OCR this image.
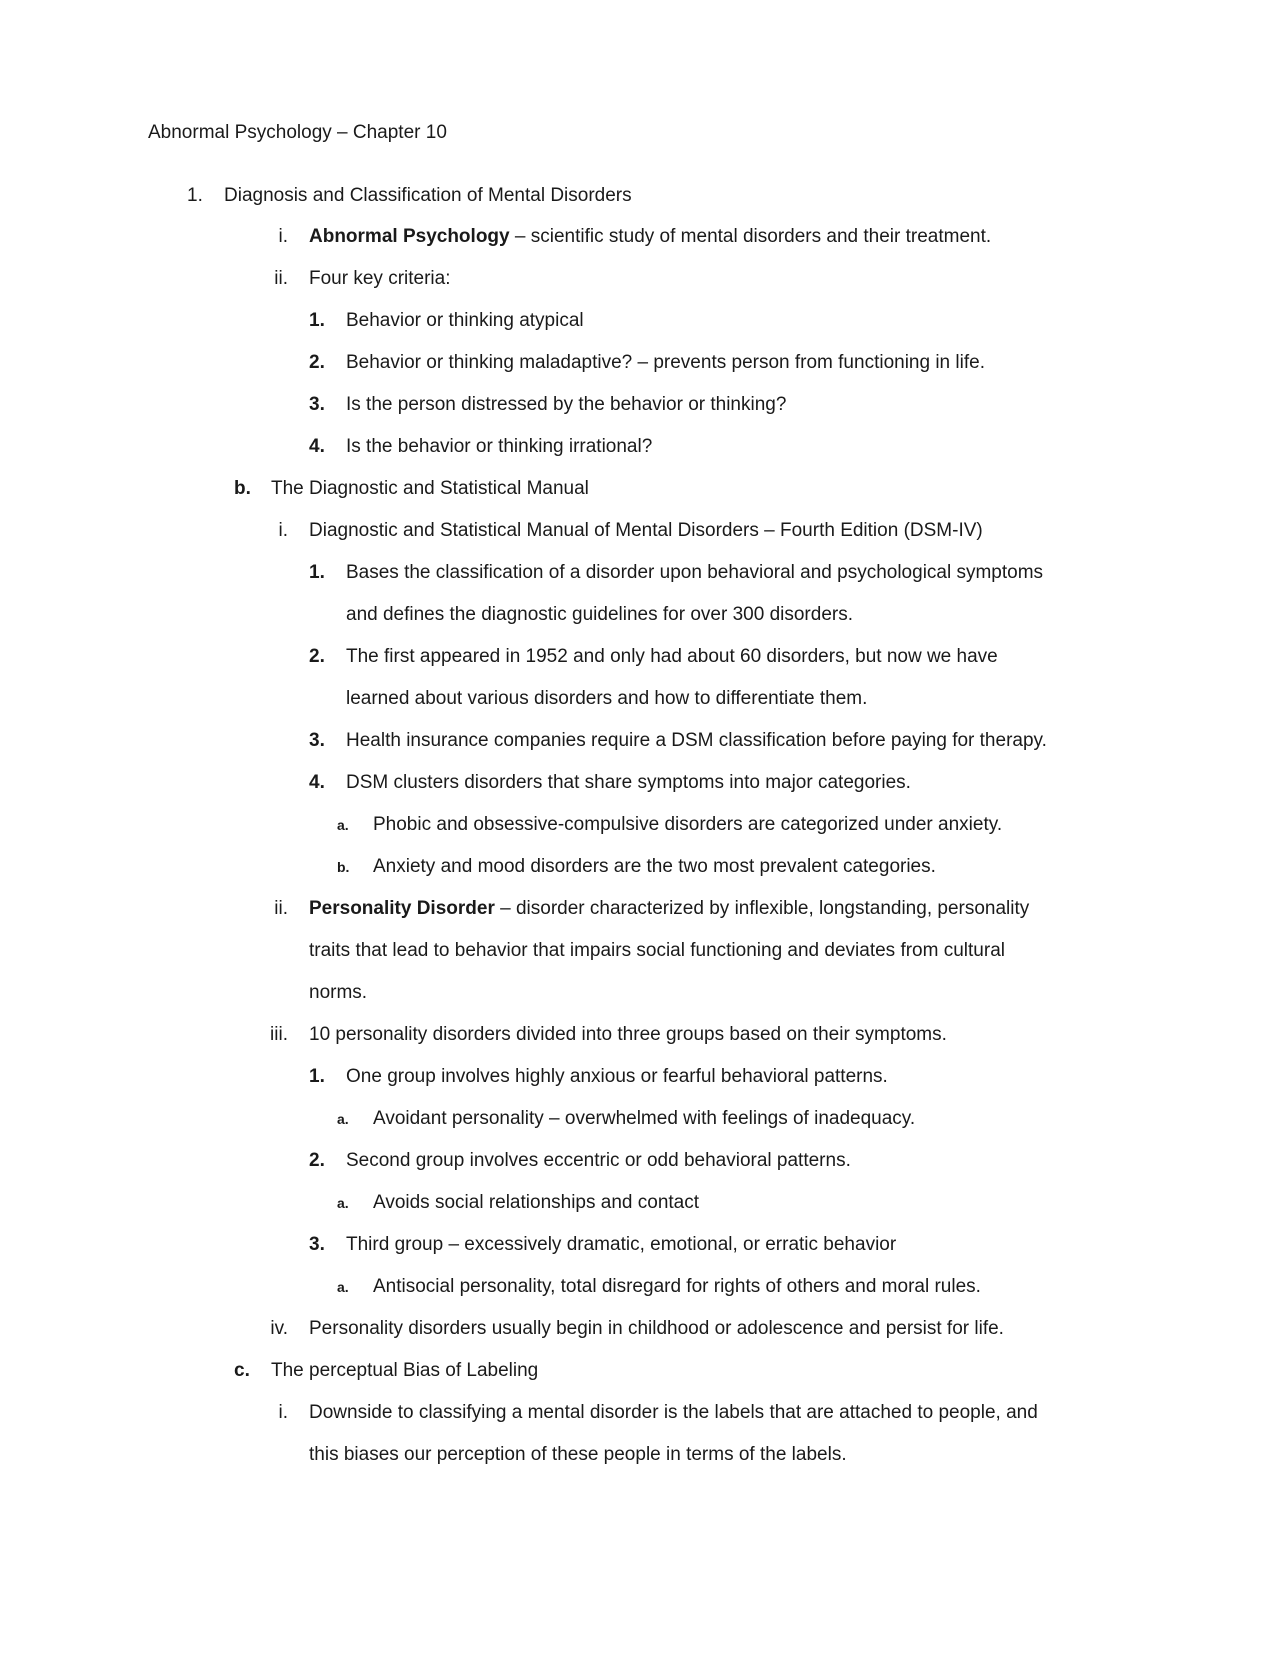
Abnormal Psychology – Chapter 10
1. Diagnosis and Classification of Mental Disorders
i. Abnormal Psychology – scientific study of mental disorders and their treatment.
ii. Four key criteria:
1. Behavior or thinking atypical
2. Behavior or thinking maladaptive? – prevents person from functioning in life.
3. Is the person distressed by the behavior or thinking?
4. Is the behavior or thinking irrational?
b. The Diagnostic and Statistical Manual
i. Diagnostic and Statistical Manual of Mental Disorders – Fourth Edition (DSM-IV)
1. Bases the classification of a disorder upon behavioral and psychological symptoms
and defines the diagnostic guidelines for over 300 disorders.
2. The first appeared in 1952 and only had about 60 disorders, but now we have
learned about various disorders and how to differentiate them.
3. Health insurance companies require a DSM classification before paying for therapy.
4. DSM clusters disorders that share symptoms into major categories.
a. Phobic and obsessive-compulsive disorders are categorized under anxiety.
b. Anxiety and mood disorders are the two most prevalent categories.
ii. Personality Disorder – disorder characterized by inflexible, longstanding, personality
traits that lead to behavior that impairs social functioning and deviates from cultural
norms.
iii. 10 personality disorders divided into three groups based on their symptoms.
1. One group involves highly anxious or fearful behavioral patterns.
a. Avoidant personality – overwhelmed with feelings of inadequacy.
2. Second group involves eccentric or odd behavioral patterns.
a. Avoids social relationships and contact
3. Third group – excessively dramatic, emotional, or erratic behavior
a. Antisocial personality, total disregard for rights of others and moral rules.
iv. Personality disorders usually begin in childhood or adolescence and persist for life.
c. The perceptual Bias of Labeling
i. Downside to classifying a mental disorder is the labels that are attached to people, and
this biases our perception of these people in terms of the labels.
